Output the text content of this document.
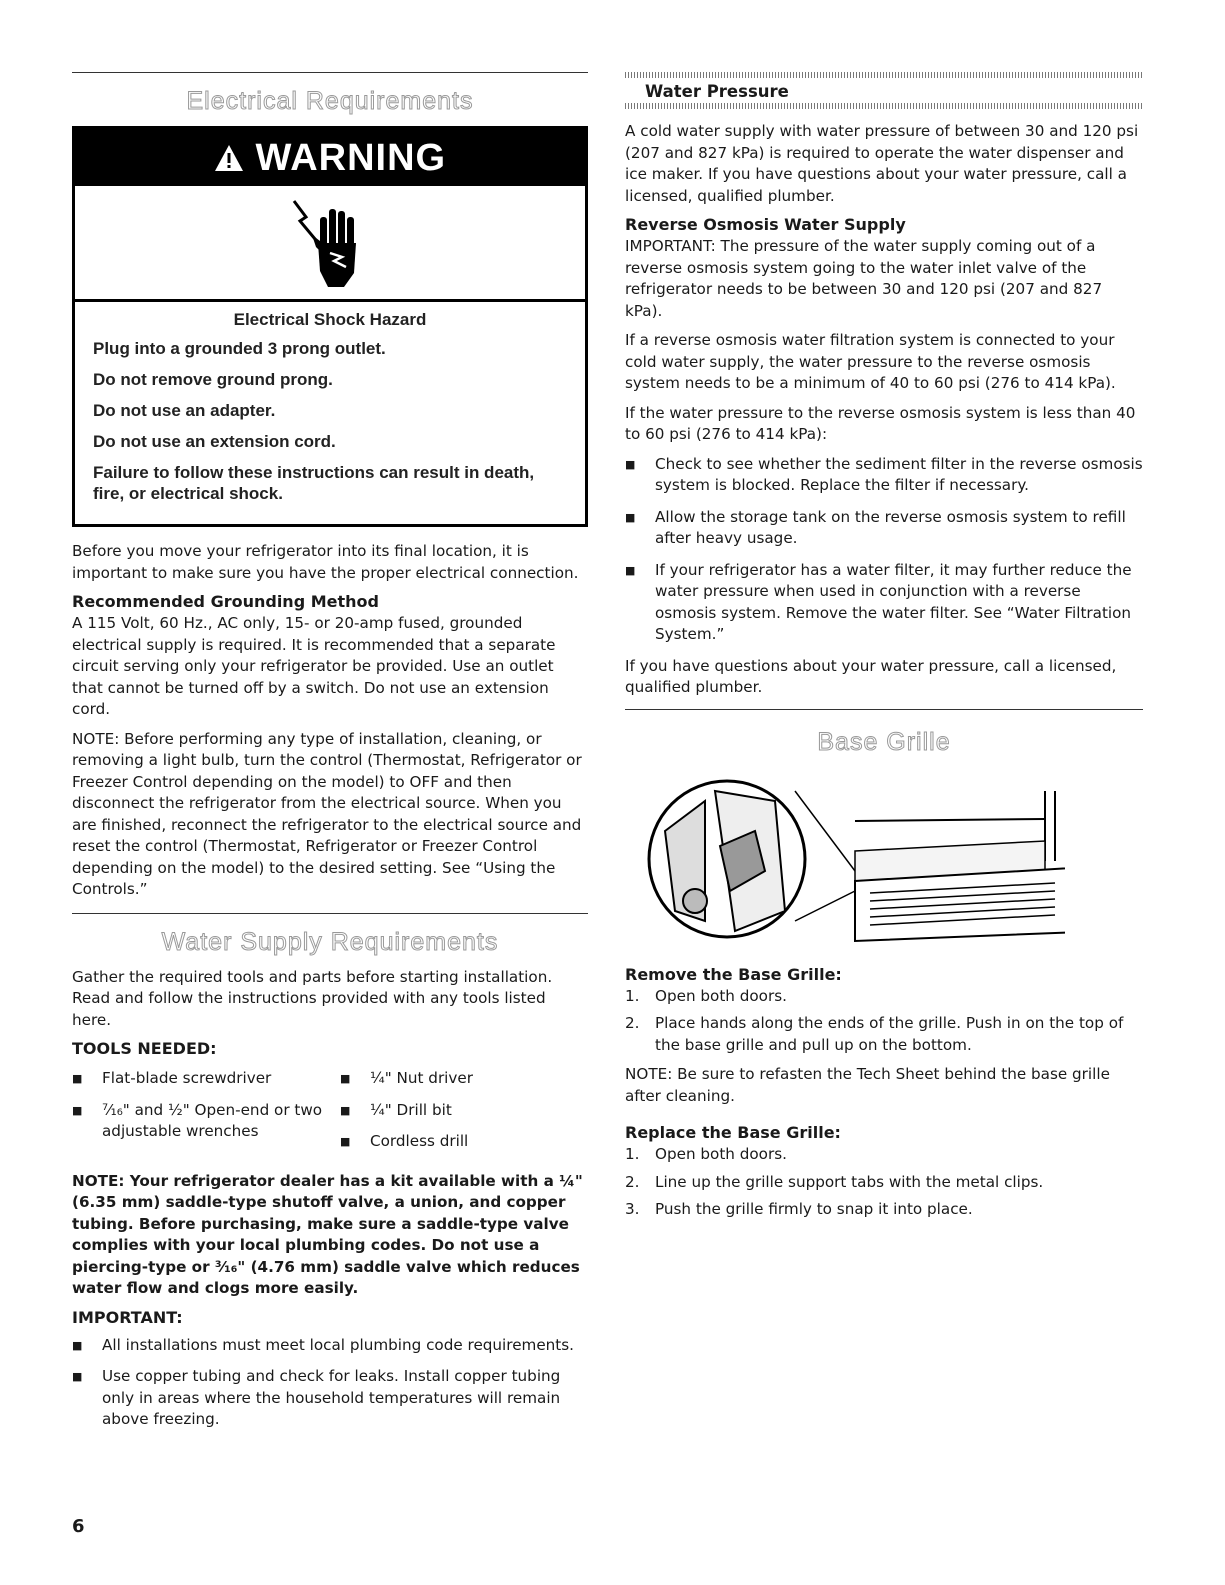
Electrical Requirements
WARNING
Electrical Shock Hazard
Plug into a grounded 3 prong outlet.
Do not remove ground prong.
Do not use an adapter.
Do not use an extension cord.
Failure to follow these instructions can result in death, fire, or electrical shock.

Before you move your refrigerator into its final location, it is important to make sure you have the proper electrical connection.

Recommended Grounding Method

A 115 Volt, 60 Hz., AC only, 15- or 20-amp fused, grounded electrical supply is required. It is recommended that a separate circuit serving only your refrigerator be provided. Use an outlet that cannot be turned off by a switch. Do not use an extension cord.

NOTE: Before performing any type of installation, cleaning, or removing a light bulb, turn the control (Thermostat, Refrigerator or Freezer Control depending on the model) to OFF and then disconnect the refrigerator from the electrical source. When you are finished, reconnect the refrigerator to the electrical source and reset the control (Thermostat, Refrigerator or Freezer Control depending on the model) to the desired setting. See “Using the Controls.”

Water Supply Requirements

Gather the required tools and parts before starting installation. Read and follow the instructions provided with any tools listed here.

TOOLS NEEDED:
■ Flat-blade screwdriver
■ ⁷⁄₁₆" and ½" Open-end or two adjustable wrenches
■ ¼" Nut driver
■ ¼" Drill bit
■ Cordless drill

NOTE: Your refrigerator dealer has a kit available with a ¼" (6.35 mm) saddle-type shutoff valve, a union, and copper tubing. Before purchasing, make sure a saddle-type valve complies with your local plumbing codes. Do not use a piercing-type or ³⁄₁₆" (4.76 mm) saddle valve which reduces water flow and clogs more easily.

IMPORTANT:
■ All installations must meet local plumbing code requirements.
■ Use copper tubing and check for leaks. Install copper tubing only in areas where the household temperatures will remain above freezing.
Water Pressure

A cold water supply with water pressure of between 30 and 120 psi (207 and 827 kPa) is required to operate the water dispenser and ice maker. If you have questions about your water pressure, call a licensed, qualified plumber.

Reverse Osmosis Water Supply

IMPORTANT: The pressure of the water supply coming out of a reverse osmosis system going to the water inlet valve of the refrigerator needs to be between 30 and 120 psi (207 and 827 kPa).

If a reverse osmosis water filtration system is connected to your cold water supply, the water pressure to the reverse osmosis system needs to be a minimum of 40 to 60 psi (276 to 414 kPa).

If the water pressure to the reverse osmosis system is less than 40 to 60 psi (276 to 414 kPa):

■ Check to see whether the sediment filter in the reverse osmosis system is blocked. Replace the filter if necessary.
■ Allow the storage tank on the reverse osmosis system to refill after heavy usage.
■ If your refrigerator has a water filter, it may further reduce the water pressure when used in conjunction with a reverse osmosis system. Remove the water filter. See “Water Filtration System.”

If you have questions about your water pressure, call a licensed, qualified plumber.

Base Grille
Remove the Base Grille:
1. Open both doors.
2. Place hands along the ends of the grille. Push in on the top of the base grille and pull up on the bottom.

NOTE: Be sure to refasten the Tech Sheet behind the base grille after cleaning.

Replace the Base Grille:
1. Open both doors.
2. Line up the grille support tabs with the metal clips.
3. Push the grille firmly to snap it into place.
6
